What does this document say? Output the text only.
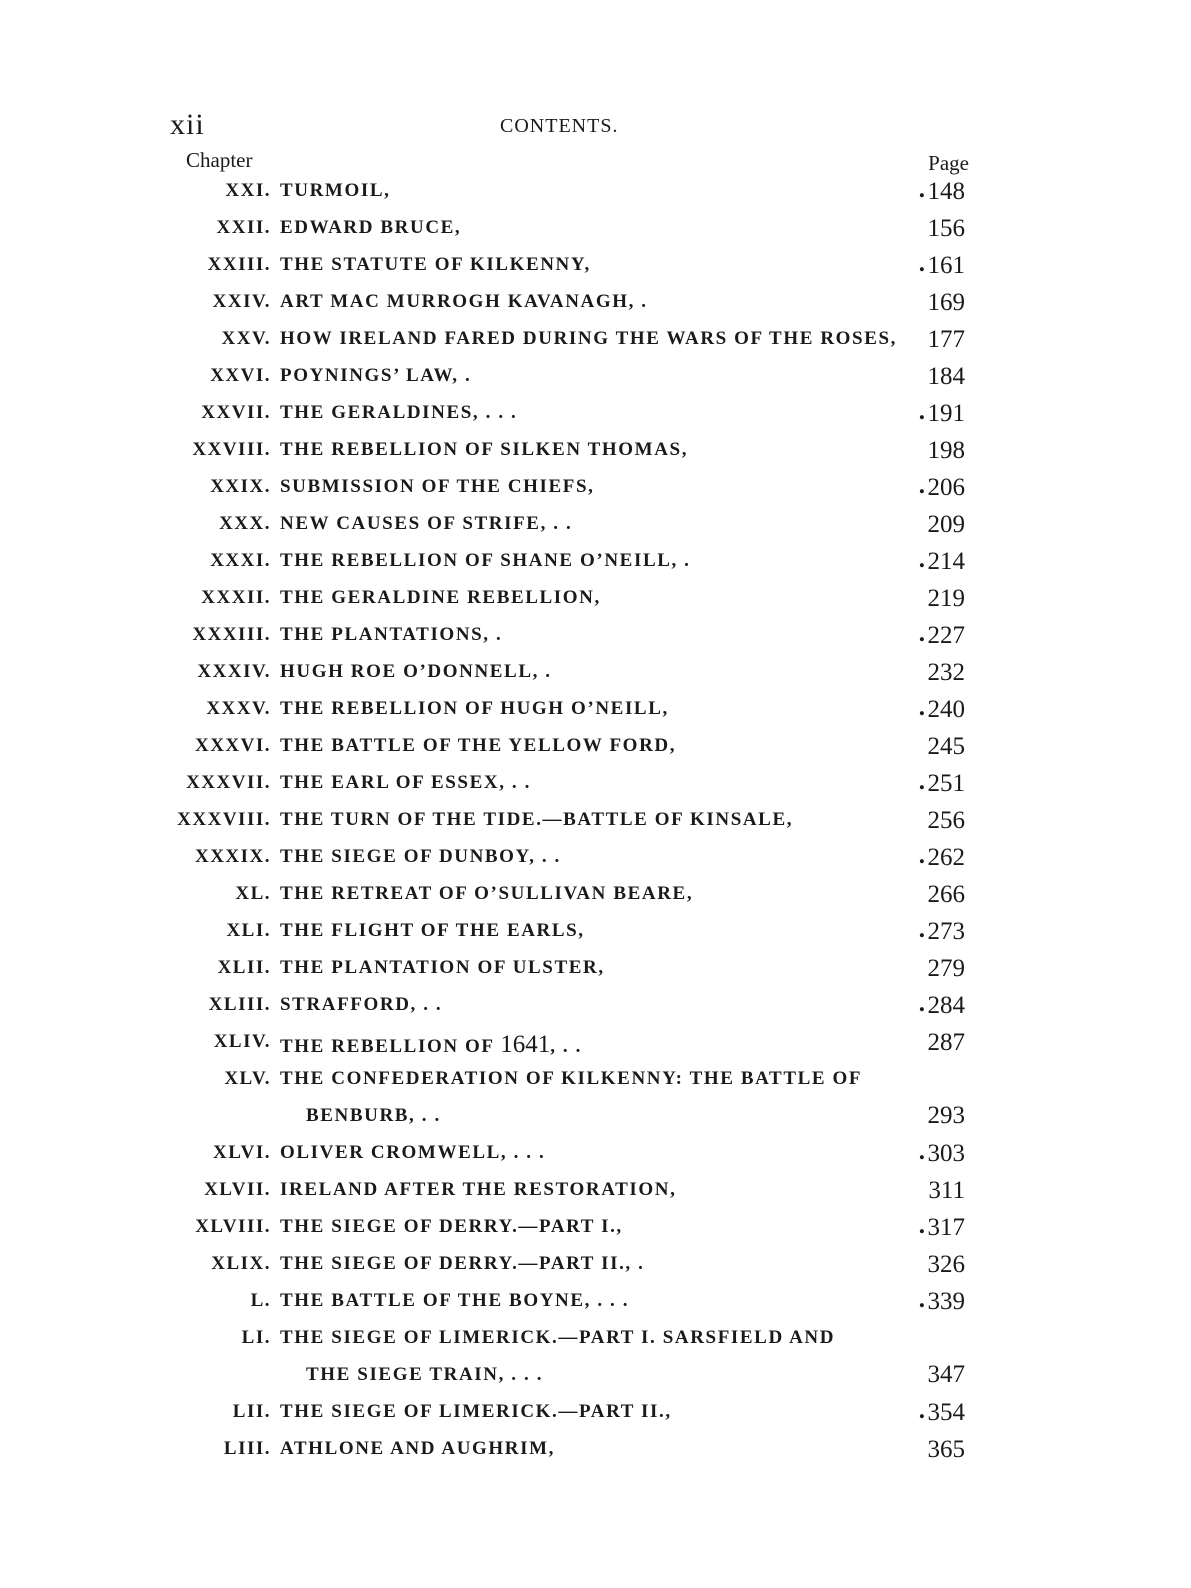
xii	CONTENTS.
Chapter	Page
XXI. TURMOIL,	. 148
XXII. EDWARD BRUCE,	156
XXIII. THE STATUTE OF KILKENNY,	. 161
XXIV. ART MAC MURROGH KAVANAGH, .	169
XXV. HOW IRELAND FARED DURING THE WARS OF THE ROSES, 177
XXVI. POYNINGS’ LAW, .	184
XXVII. THE GERALDINES, . . .	. 191
XXVIII. THE REBELLION OF SILKEN THOMAS,	198
XXIX. SUBMISSION OF THE CHIEFS,	. 206
XXX. NEW CAUSES OF STRIFE, . .	209
XXXI. THE REBELLION OF SHANE O’NEILL, .	. 214
XXXII. THE GERALDINE REBELLION,	219
XXXIII. THE PLANTATIONS, .	. 227
XXXIV. HUGH ROE O’DONNELL, .	232
XXXV. THE REBELLION OF HUGH O’NEILL,	. 240
XXXVI. THE BATTLE OF THE YELLOW FORD,	245
XXXVII. THE EARL OF ESSEX, . .	. 251
XXXVIII. THE TURN OF THE TIDE.—BATTLE OF KINSALE,	256
XXXIX. THE SIEGE OF DUNBOY, . .	. 262
XL. THE RETREAT OF O’SULLIVAN BEARE,	266
XLI. THE FLIGHT OF THE EARLS,	. 273
XLII. THE PLANTATION OF ULSTER,	279
XLIII. STRAFFORD, . .	. 284
XLIV. THE REBELLION OF 1641, . .	287
XLV. THE CONFEDERATION OF KILKENNY: THE BATTLE OF
BENBURB, . .	293
XLVI. OLIVER CROMWELL, . . .	. 303
XLVII. IRELAND AFTER THE RESTORATION,	311
XLVIII. THE SIEGE OF DERRY.—PART I.,	. 317
XLIX. THE SIEGE OF DERRY.—PART II., .	326
L. THE BATTLE OF THE BOYNE, . . .	. 339
LI. THE SIEGE OF LIMERICK.—PART I. SARSFIELD AND
THE SIEGE TRAIN, . . .	347
LII. THE SIEGE OF LIMERICK.—PART II.,	. 354
LIII. ATHLONE AND AUGHRIM,	365
